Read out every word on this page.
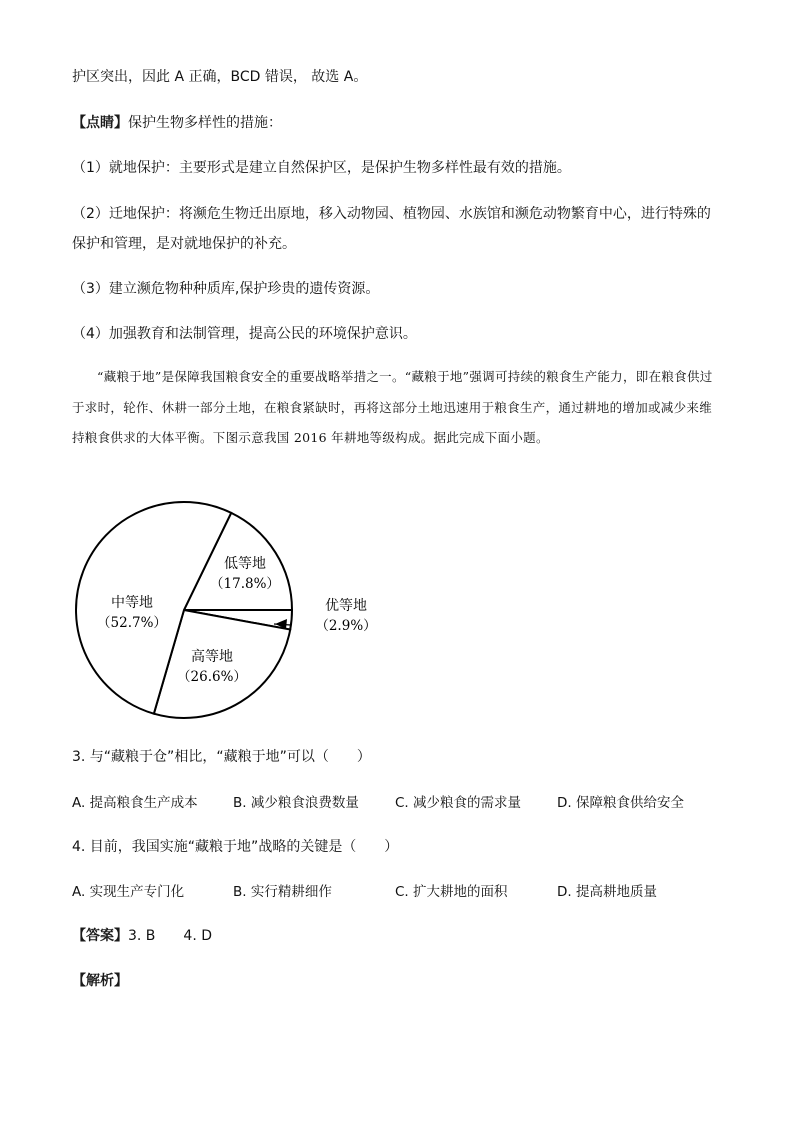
护区突出，因此 A 正确，BCD 错误， 故选 A。
【点睛】保护生物多样性的措施：
（1）就地保护：主要形式是建立自然保护区，是保护生物多样性最有效的措施。
（2）迁地保护：将濒危生物迁出原地，移入动物园、植物园、水族馆和濒危动物繁育中心，进行特殊的
保护和管理，是对就地保护的补充。
（3）建立濒危物种种质库,保护珍贵的遗传资源。
（4）加强教育和法制管理，提高公民的环境保护意识。
“藏粮于地”是保障我国粮食安全的重要战略举措之一。“藏粮于地”强调可持续的粮食生产能力，即在粮食供过于求时，轮作、休耕一部分土地，在粮食紧缺时，再将这部分土地迅速用于粮食生产，通过耕地的增加或减少来维持粮食供求的大体平衡。下图示意我国 2016 年耕地等级构成。据此完成下面小题。
低等地
（17.8%）
优等地
（2.9%）
高等地
（26.6%）
中等地
（52.7%）
3. 与“藏粮于仓”相比，“藏粮于地”可以（　　）
A. 提高粮食生产成本	B. 减少粮食浪费数量	C. 减少粮食的需求量	D. 保障粮食供给安全
4. 目前，我国实施“藏粮于地”战略的关键是（　　）
A. 实现生产专门化	B. 实行精耕细作	C. 扩大耕地的面积	D. 提高耕地质量
【答案】3. B　　4. D
【解析】
